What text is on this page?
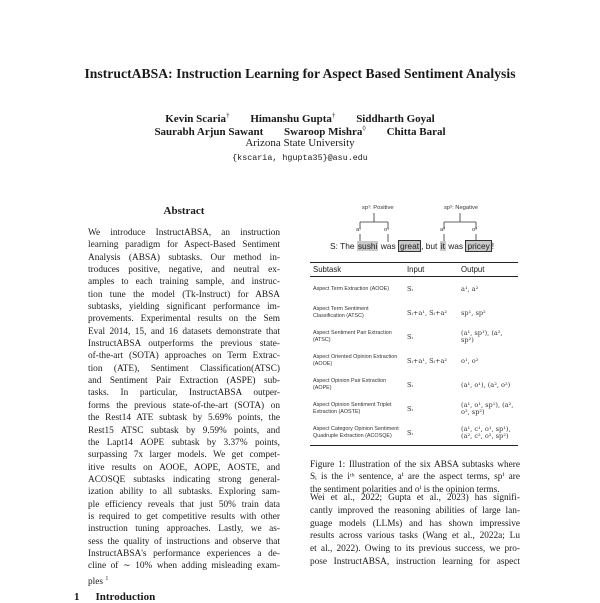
InstructABSA: Instruction Learning for Aspect Based Sentiment Analysis
Kevin Scaria† Himanshu Gupta† Siddharth Goyal
Saurabh Arjun Sawant Swaroop Mishra◊ Chitta Baral
Arizona State University
{kscaria, hgupta35}@asu.edu
Abstract
We introduce InstructABSA, an instruction
learning paradigm for Aspect-Based Sentiment
Analysis (ABSA) subtasks. Our method in-
troduces positive, negative, and neutral ex-
amples to each training sample, and instruc-
tion tune the model (Tk-Instruct) for ABSA
subtasks, yielding significant performance im-
provements. Experimental results on the Sem
Eval 2014, 15, and 16 datasets demonstrate that
InstructABSA outperforms the previous state-
of-the-art (SOTA) approaches on Term Extrac-
tion (ATE), Sentiment Classification(ATSC)
and Sentiment Pair Extraction (ASPE) sub-
tasks. In particular, InstructABSA outper-
forms the previous state-of-the-art (SOTA) on
the Rest14 ATE subtask by 5.69% points, the
Rest15 ATSC subtask by 9.59% points, and
the Lapt14 AOPE subtask by 3.37% points,
surpassing 7x larger models. We get compet-
itive results on AOOE, AOPE, AOSTE, and
ACOSQE subtasks indicating strong general-
ization ability to all subtasks. Exploring sam-
ple efficiency reveals that just 50% train data
is required to get competitive results with other
instruction tuning approaches. Lastly, we as-
sess the quality of instructions and observe that
InstructABSA's performance experiences a de-
cline of ∼ 10% when adding misleading exam-
ples $^1$
1 Introduction
sp¹: Positive	sp²: Negative
a¹	o¹	a²	o²
S: The sushi was great , but it was pricey !
Subtask	Input	Output
Aspect Term Extraction (AOOE)	Sᵢ	a¹, a²
Aspect Term Sentiment Classification (ATSC)	Sᵢ+a¹, Sᵢ+a²	sp¹, sp²
Aspect Sentiment Pair Extraction (ATSC)	Sᵢ	(a¹, sp¹), (a², sp²)
Aspect Oriented Opinion Extraction (AOOE)	Sᵢ+a¹, Sᵢ+a²	o¹, o²
Aspect Opinion Pair Extraction (AOPE)	Sᵢ	(a¹, o¹), (a², o²)
Aspect Opinion Sentiment Triplet Extraction (AOSTE)	Sᵢ	(a¹, o¹, sp¹), (a², o², sp²)
Aspect Category Opinion Sentiment Quadruple Extraction (ACOSQE)	Sᵢ	(a¹, c¹, o¹, sp¹), (a², c², o², sp²)
Figure 1: Illustration of the six ABSA subtasks where
Sᵢ is the iᵗʰ sentence, aⁱ are the aspect terms, spⁱ are
the sentiment polarities and oⁱ is the opinion terms.
Wei et al., 2022; Gupta et al., 2023) has signifi-
cantly improved the reasoning abilities of large lan-
guage models (LLMs) and has shown impressive
results across various tasks (Wang et al., 2022a; Lu
et al., 2022). Owing to its previous success, we pro-
pose InstructABSA, instruction learning for aspect
